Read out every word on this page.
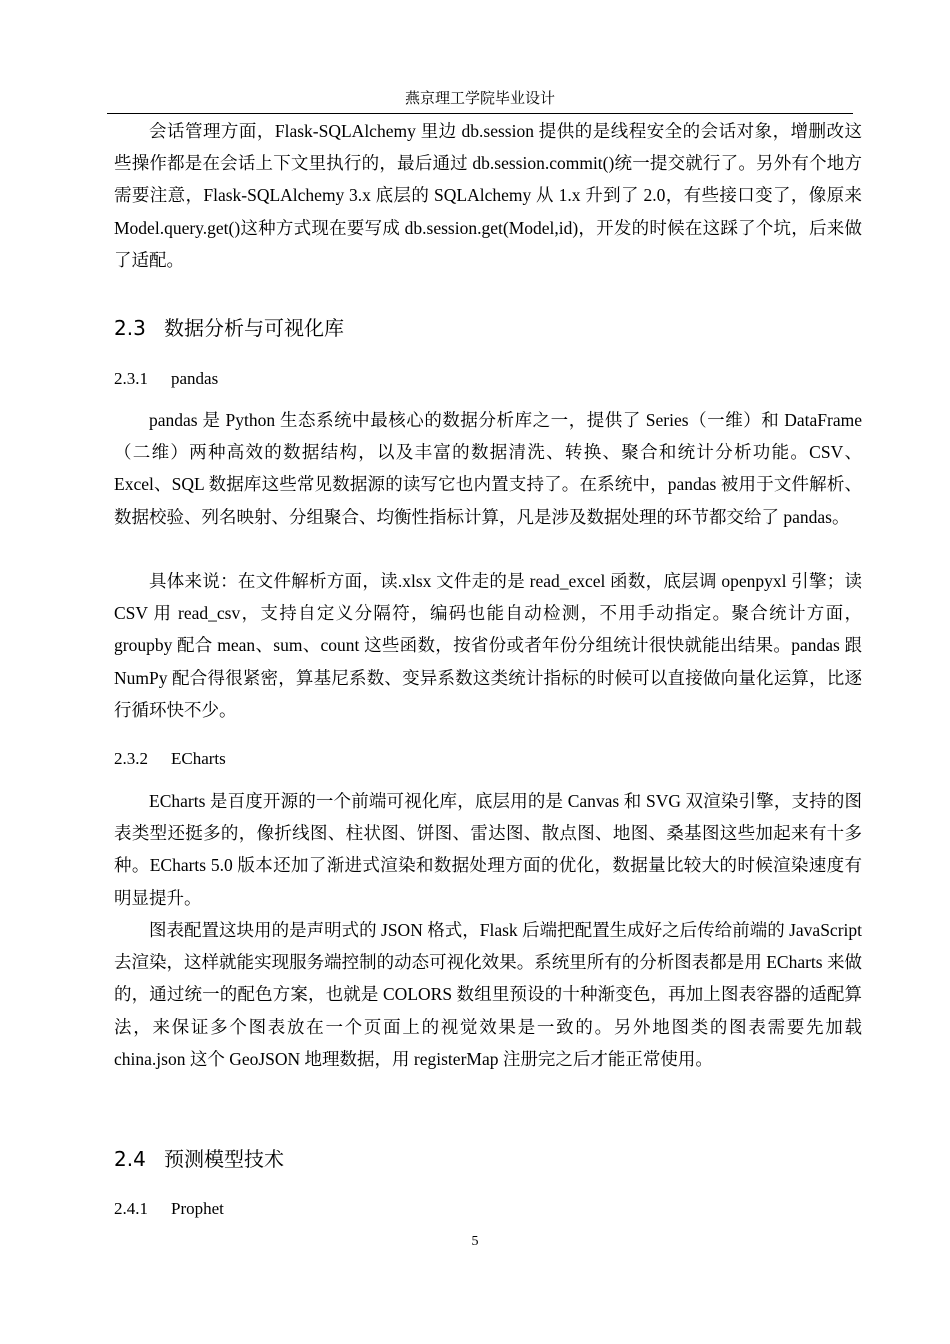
燕京理工学院毕业设计
会话管理方面，Flask-SQLAlchemy 里边 db.session 提供的是线程安全的会话对象，增删改这些操作都是在会话上下文里执行的，最后通过 db.session.commit()统一提交就行了。另外有个地方需要注意，Flask-SQLAlchemy 3.x 底层的 SQLAlchemy 从 1.x 升到了 2.0，有些接口变了，像原来 Model.query.get()这种方式现在要写成 db.session.get(Model,id)，开发的时候在这踩了个坑，后来做了适配。
2.3 数据分析与可视化库
2.3.1 pandas
pandas 是 Python 生态系统中最核心的数据分析库之一，提供了 Series（一维）和 DataFrame（二维）两种高效的数据结构，以及丰富的数据清洗、转换、聚合和统计分析功能。CSV、Excel、SQL 数据库这些常见数据源的读写它也内置支持了。在系统中，pandas 被用于文件解析、数据校验、列名映射、分组聚合、均衡性指标计算，凡是涉及数据处理的环节都交给了 pandas。
具体来说：在文件解析方面，读.xlsx 文件走的是 read_excel 函数，底层调 openpyxl 引擎；读 CSV 用 read_csv，支持自定义分隔符，编码也能自动检测，不用手动指定。聚合统计方面，groupby 配合 mean、sum、count 这些函数，按省份或者年份分组统计很快就能出结果。pandas 跟 NumPy 配合得很紧密，算基尼系数、变异系数这类统计指标的时候可以直接做向量化运算，比逐行循环快不少。
2.3.2 ECharts
ECharts 是百度开源的一个前端可视化库，底层用的是 Canvas 和 SVG 双渲染引擎，支持的图表类型还挺多的，像折线图、柱状图、饼图、雷达图、散点图、地图、桑基图这些加起来有十多种。ECharts 5.0 版本还加了渐进式渲染和数据处理方面的优化，数据量比较大的时候渲染速度有明显提升。
图表配置这块用的是声明式的 JSON 格式，Flask 后端把配置生成好之后传给前端的 JavaScript 去渲染，这样就能实现服务端控制的动态可视化效果。系统里所有的分析图表都是用 ECharts 来做的，通过统一的配色方案，也就是 COLORS 数组里预设的十种渐变色，再加上图表容器的适配算法，来保证多个图表放在一个页面上的视觉效果是一致的。另外地图类的图表需要先加载 china.json 这个 GeoJSON 地理数据，用 registerMap 注册完之后才能正常使用。
2.4 预测模型技术
2.4.1 Prophet
5
